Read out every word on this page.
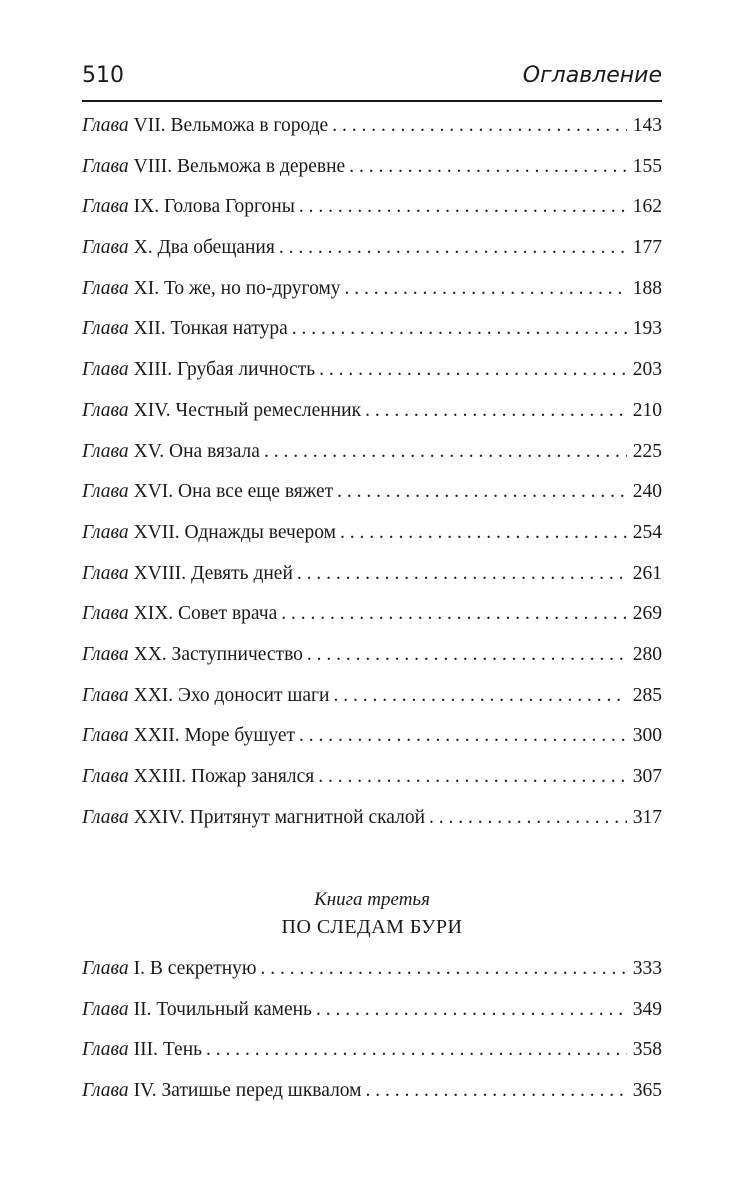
510	Оглавление
Глава VII. Вельможа в городе . . .	143
Глава VIII. Вельможа в деревне . . .	155
Глава IX. Голова Горгоны . . .	162
Глава X. Два обещания . . .	177
Глава XI. То же, но по-другому . . .	188
Глава XII. Тонкая натура . . .	193
Глава XIII. Грубая личность . . .	203
Глава XIV. Честный ремесленник . . .	210
Глава XV. Она вязала . . .	225
Глава XVI. Она все еще вяжет . . .	240
Глава XVII. Однажды вечером . . .	254
Глава XVIII. Девять дней . . .	261
Глава XIX. Совет врача . . .	269
Глава XX. Заступничество . . .	280
Глава XXI. Эхо доносит шаги . . .	285
Глава XXII. Море бушует . . .	300
Глава XXIII. Пожар занялся . . .	307
Глава XXIV. Притянут магнитной скалой . . .	317
Книга третья
ПО СЛЕДАМ БУРИ
Глава I. В секретную . . .	333
Глава II. Точильный камень . . .	349
Глава III. Тень . . .	358
Глава IV. Затишье перед шквалом . . .	365
